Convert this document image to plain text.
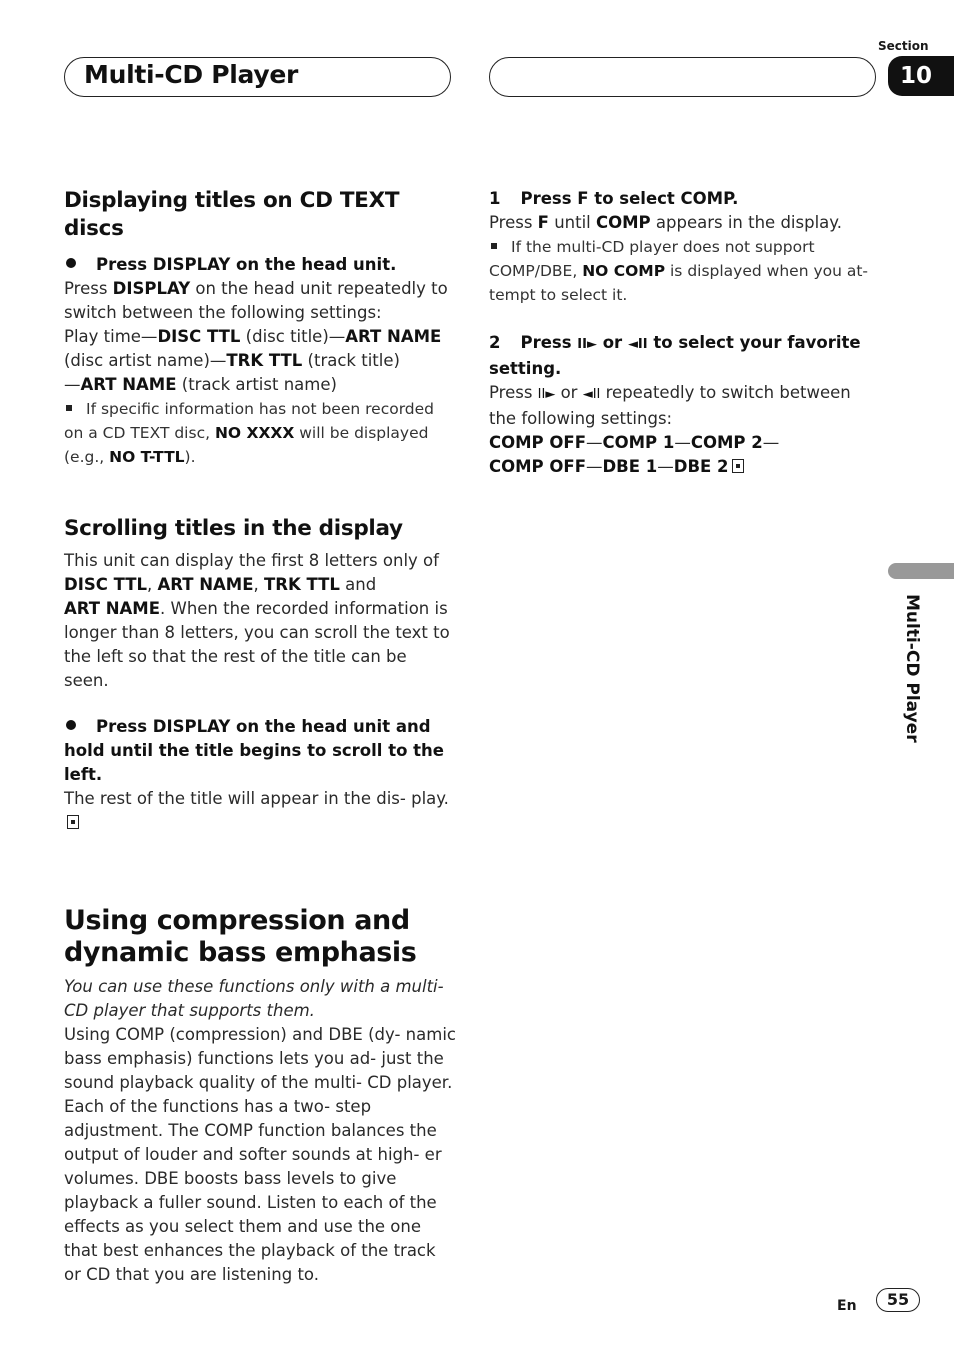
Multi-CD Player
Section
10
Multi-CD Player
Displaying titles on CD TEXT discs

Press DISPLAY on the head unit.

Press DISPLAY on the head unit repeatedly to switch between the following settings:
Play time—DISC TTL (disc title)—ART NAME
(disc artist name)—TRK TTL (track title)
—ART NAME (track artist name)

If specific information has not been recorded on a CD TEXT disc, NO XXXX will be displayed (e.g., NO T-TTL).

Scrolling titles in the display

This unit can display the first 8 letters only of DISC TTL, ART NAME, TRK TTL and
ART NAME. When the recorded information is longer than 8 letters, you can scroll the text to the left so that the rest of the title can be seen.

Press DISPLAY on the head unit and hold until the title begins to scroll to the left.

The rest of the title will appear in the dis- play.

Using compression and dynamic bass emphasis

You can use these functions only with a multi- CD player that supports them.

Using COMP (compression) and DBE (dy- namic bass emphasis) functions lets you ad- just the sound playback quality of the multi- CD player. Each of the functions has a two- step adjustment. The COMP function balances the output of louder and softer sounds at high- er volumes. DBE boosts bass levels to give playback a fuller sound. Listen to each of the effects as you select them and use the one that best enhances the playback of the track or CD that you are listening to.

1 Press F to select COMP.

Press F until COMP appears in the display.

If the multi-CD player does not support COMP/DBE, NO COMP is displayed when you at- tempt to select it.

2 Press II► or ◄II to select your favorite setting.

Press II► or ◄II repeatedly to switch between the following settings:

COMP OFF—COMP 1—COMP 2—
COMP OFF—DBE 1—DBE 2

En	55
